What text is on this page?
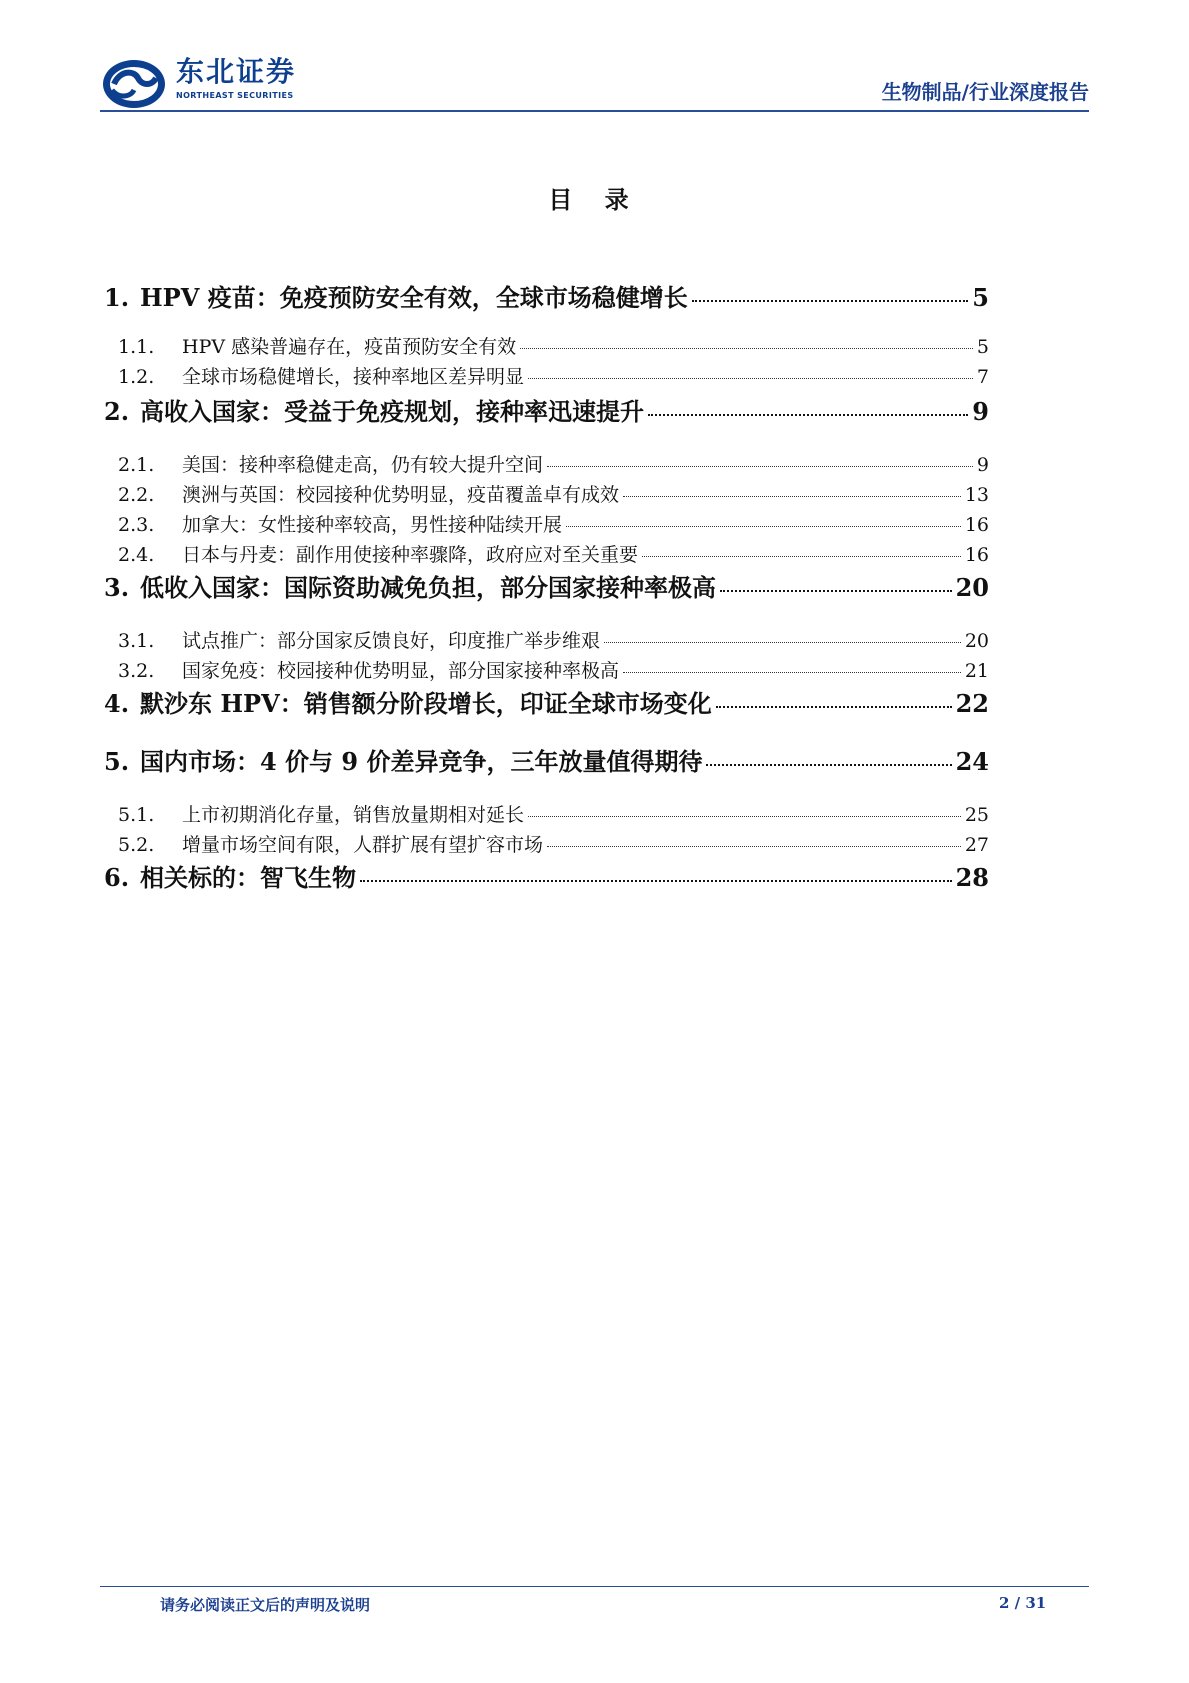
东北证券
NORTHEAST SECURITIES	生物制品/行业深度报告
目 录
1. HPV 疫苗：免疫预防安全有效，全球市场稳健增长	5
1.1.	HPV 感染普遍存在，疫苗预防安全有效	5
1.2.	全球市场稳健增长，接种率地区差异明显	7
2. 高收入国家：受益于免疫规划，接种率迅速提升	9
2.1.	美国：接种率稳健走高，仍有较大提升空间	9
2.2.	澳洲与英国：校园接种优势明显，疫苗覆盖卓有成效	13
2.3.	加拿大：女性接种率较高，男性接种陆续开展	16
2.4.	日本与丹麦：副作用使接种率骤降，政府应对至关重要	16
3. 低收入国家：国际资助减免负担，部分国家接种率极高	20
3.1.	试点推广：部分国家反馈良好，印度推广举步维艰	20
3.2.	国家免疫：校园接种优势明显，部分国家接种率极高	21
4. 默沙东 HPV：销售额分阶段增长，印证全球市场变化	22
5. 国内市场：4 价与 9 价差异竞争，三年放量值得期待	24
5.1.	上市初期消化存量，销售放量期相对延长	25
5.2.	增量市场空间有限，人群扩展有望扩容市场	27
6. 相关标的：智飞生物	28
请务必阅读正文后的声明及说明	2 / 31
